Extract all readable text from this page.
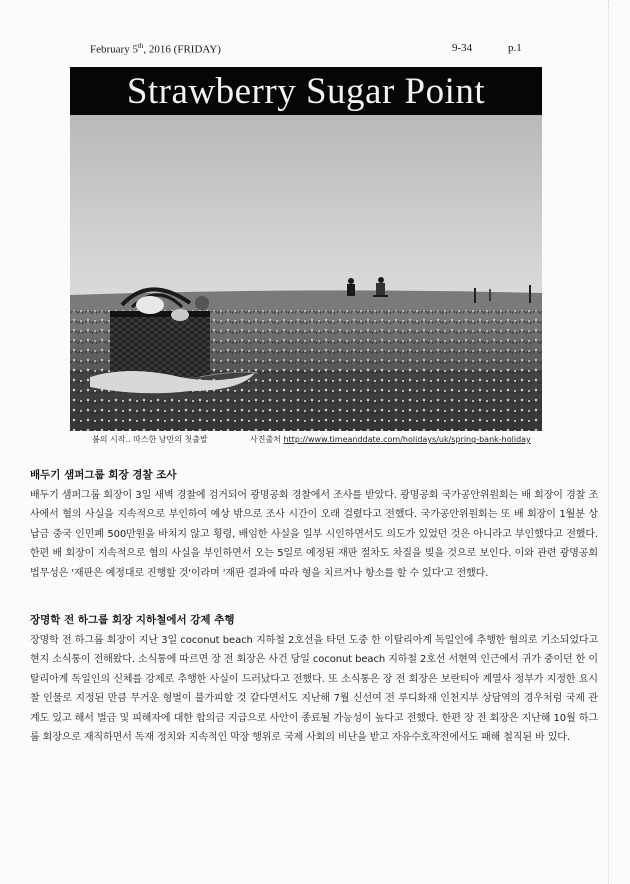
February 5th, 2016 (FRIDAY)	9-34	p.1
Strawberry Sugar Point
봄의 시작.. 따스한 낭만의 첫출발	사진출처 http://www.timeanddate.com/holidays/uk/spring-bank-holiday
배두기 샘퍼그룹 회장 경찰 조사

배두기 샘퍼그룹 회장이 3일 새벽 경찰에 검거되어 광명공회 경찰에서 조사를 받았다. 광명공회 국가공안위원회는 배 회장이 경찰 조사에서 혐의 사실을 지속적으로 부인하여 예상 밖으로 조사 시간이 오래 걸렸다고 전했다. 국가공안위원회는 또 배 회장이 1월분 상납금 중국 인민폐 500만원을 바치지 않고 횡령, 배임한 사실을 일부 시인하면서도 의도가 있었던 것은 아니라고 부인했다고 전했다. 한편 배 회장이 지속적으로 혐의 사실을 부인하면서 오는 5일로 예정된 재판 절차도 차질을 빚을 것으로 보인다. 이와 관련 광명공회 법무성은 '재판은 예정대로 진행할 것'이라며 '재판 결과에 따라 형을 치르거나 항소를 할 수 있다'고 전했다.

장명학 전 하그룹 회장 지하철에서 강제 추행

장명학 전 하그룹 회장이 지난 3일 coconut beach 지하철 2호선을 타던 도중 한 이탈리아계 독일인에 추행한 혐의로 기소되었다고 현지 소식통이 전해왔다. 소식통에 따르면 장 전 회장은 사건 당일 coconut beach 지하철 2호선 서현역 인근에서 귀가 중이던 한 이탈리아계 독일인의 신체를 강제로 추행한 사실이 드러났다고 전했다. 또 소식통은 장 전 회장은 보란티아 계열사 정부가 지정한 요시찰 인물로 지정된 만큼 무거운 형벌이 불가피할 것 같다면서도 지난해 7월 신선여 전 루디화재 인천지부 상담역의 경우처럼 국제 관계도 있고 해서 벌금 및 피해자에 대한 합의금 지급으로 사안이 종료될 가능성이 높다고 전했다. 한편 장 전 회장은 지난해 10월 하그룹 회장으로 재직하면서 독재 정치와 지속적인 막장 행위로 국제 사회의 비난을 받고 자유수호작전에서도 패해 철직된 바 있다.
